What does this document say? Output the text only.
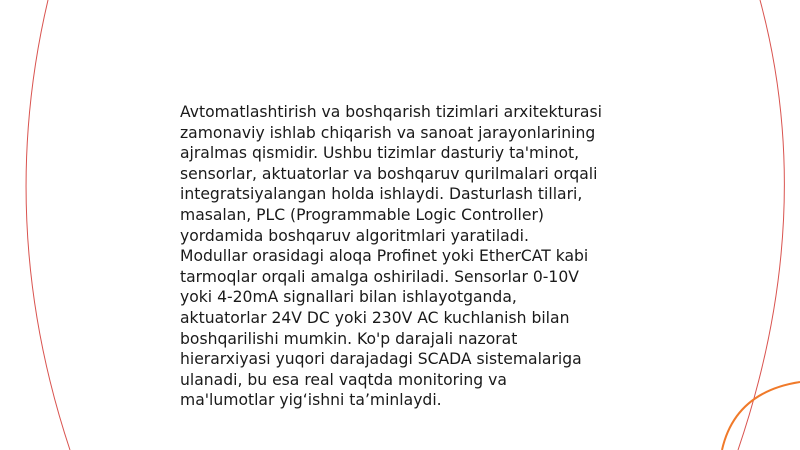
Avtomatlashtirish va boshqarish tizimlari arxitekturasi
zamonaviy ishlab chiqarish va sanoat jarayonlarining
ajralmas qismidir. Ushbu tizimlar dasturiy ta'minot,
sensorlar, aktuatorlar va boshqaruv qurilmalari orqali
integratsiyalangan holda ishlaydi. Dasturlash tillari,
masalan, PLC (Programmable Logic Controller)
yordamida boshqaruv algoritmlari yaratiladi.
Modullar orasidagi aloqa Profinet yoki EtherCAT kabi
tarmoqlar orqali amalga oshiriladi. Sensorlar 0-10V
yoki 4-20mA signallari bilan ishlayotganda,
aktuatorlar 24V DC yoki 230V AC kuchlanish bilan
boshqarilishi mumkin. Ko'p darajali nazorat
hierarxiyasi yuqori darajadagi SCADA sistemalariga
ulanadi, bu esa real vaqtda monitoring va
ma'lumotlar yig‘ishni ta’minlaydi.
